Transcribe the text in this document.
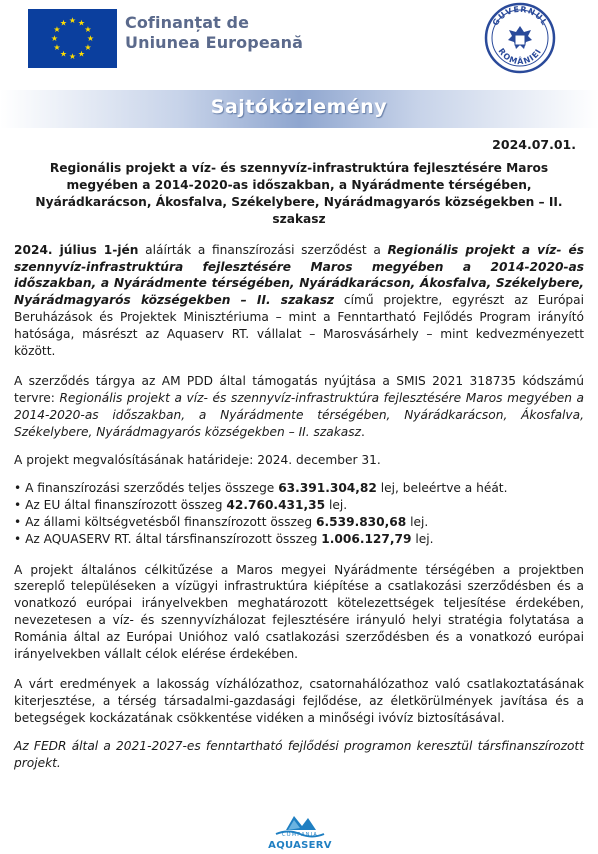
★ ★
★
★
★
★
★
★
★
★
★
★	Cofinanțat de
Uniunea Europeană
GUVERNUL
ROMÂNIEI
Sajtóközlemény
2024.07.01.
Regionális projekt a víz- és szennyvíz-infrastruktúra fejlesztésére Maros megyében a 2014-2020-as időszakban, a Nyárádmente térségében, Nyárádkarácson, Ákosfalva, Székelybere, Nyárádmagyarós községekben – II. szakasz
2024. július 1-jén aláírták a finanszírozási szerződést a Regionális projekt a víz- és szennyvíz-infrastruktúra fejlesztésére Maros megyében a 2014-2020-as időszakban, a Nyárádmente térségében, Nyárádkarácson, Ákosfalva, Székelybere, Nyárádmagyarós községekben – II. szakasz című projektre, egyrészt az Európai Beruházások és Projektek Minisztériuma – mint a Fenntartható Fejlődés Program irányító hatósága, másrészt az Aquaserv RT. vállalat – Marosvásárhely – mint kedvezményezett között.
A szerződés tárgya az AM PDD által támogatás nyújtása a SMIS 2021 318735 kódszámú tervre: Regionális projekt a víz- és szennyvíz-infrastruktúra fejlesztésére Maros megyében a 2014-2020-as időszakban, a Nyárádmente térségében, Nyárádkarácson, Ákosfalva, Székelybere, Nyárádmagyarós községekben – II. szakasz.
A projekt megvalósításának határideje: 2024. december 31.
• A finanszírozási szerződés teljes összege 63.391.304,82 lej, beleértve a héát.
• Az EU által finanszírozott összeg 42.760.431,35 lej.
• Az állami költségvetésből finanszírozott összeg 6.539.830,68 lej.
• Az AQUASERV RT. által társfinanszírozott összeg 1.006.127,79 lej.
A projekt általános célkitűzése a Maros megyei Nyárádmente térségében a projektben szereplő településeken a vízügyi infrastruktúra kiépítése a csatlakozási szerződésben és a vonatkozó európai irányelvekben meghatározott kötelezettségek teljesítése érdekében, nevezetesen a víz- és szennyvízhálozat fejlesztésére irányuló helyi stratégia folytatása a Románia által az Európai Unióhoz való csatlakozási szerződésben és a vonatkozó európai irányelvekben vállalt célok elérése érdekében.
A várt eredmények a lakosság vízhálózathoz, csatornahálózathoz való csatlakoztatásának kiterjesztése, a térség társadalmi-gazdasági fejlődése, az életkörülmények javítása és a betegségek kockázatának csökkentése vidéken a minőségi ivóvíz biztosításával.
Az FEDR által a 2021-2027-es fenntartható fejlődési programon keresztül társfinanszírozott projekt.
COMPANIA
AQUASERV
